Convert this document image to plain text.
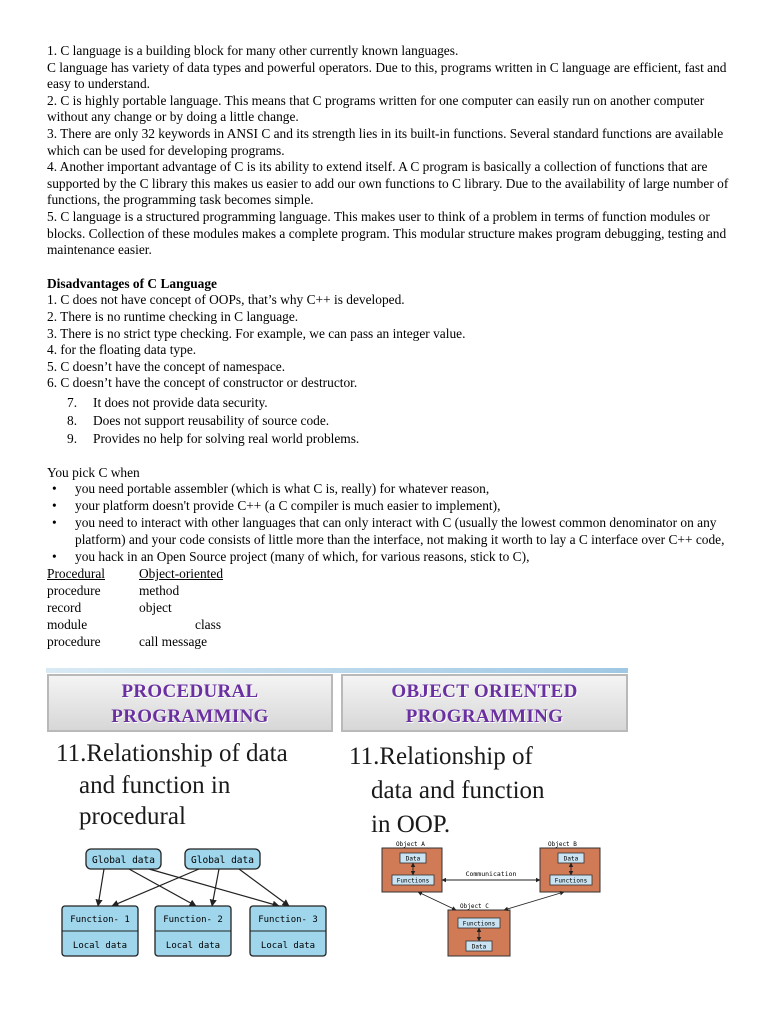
1. C language is a building block for many other currently known languages.

C language has variety of data types and powerful operators. Due to this, programs written in C language are efficient, fast and easy to understand.

2. C is highly portable language. This means that C programs written for one computer can easily run on another computer without any change or by doing a little change.

3. There are only 32 keywords in ANSI C and its strength lies in its built-in functions. Several standard functions are available which can be used for developing programs.

4. Another important advantage of C is its ability to extend itself. A C program is basically a collection of functions that are supported by the C library this makes us easier to add our own functions to C library. Due to the availability of large number of functions, the programming task becomes simple.

5. C language is a structured programming language. This makes user to think of a problem in terms of function modules or blocks. Collection of these modules makes a complete program. This modular structure makes program debugging, testing and maintenance easier.

Disadvantages of C Language

1. C does not have concept of OOPs, that’s why C++ is developed.

2. There is no runtime checking in C language.

3. There is no strict type checking. For example, we can pass an integer value.

4. for the floating data type.

5. C doesn’t have the concept of namespace.

6. C doesn’t have the concept of constructor or destructor.

7. It does not provide data security.
8. Does not support reusability of source code.
9. Provides no help for solving real world problems.

You pick C when

• you need portable assembler (which is what C is, really) for whatever reason,
• your platform doesn't provide C++ (a C compiler is much easier to implement),
• you need to interact with other languages that can only interact with C (usually the lowest common denominator on any platform) and your code consists of little more than the interface, not making it worth to lay a C interface over C++ code,
• you hack in an Open Source project (many of which, for various reasons, stick to C),
Procedural	Object-oriented
procedure	method
record	object
module	class
procedure	call message
PROCEDURAL
PROGRAMMING
OBJECT ORIENTED
PROGRAMMING
11.Relationship of data
and function in
procedural
11.Relationship of
data and function
in OOP.
Global data	Global data
Function- 1
Local data
Function- 2
Local data
Function- 3
Local data
Object A
Data
Functions
Object B
Data
Functions
Object C
Functions
Data
Communication
